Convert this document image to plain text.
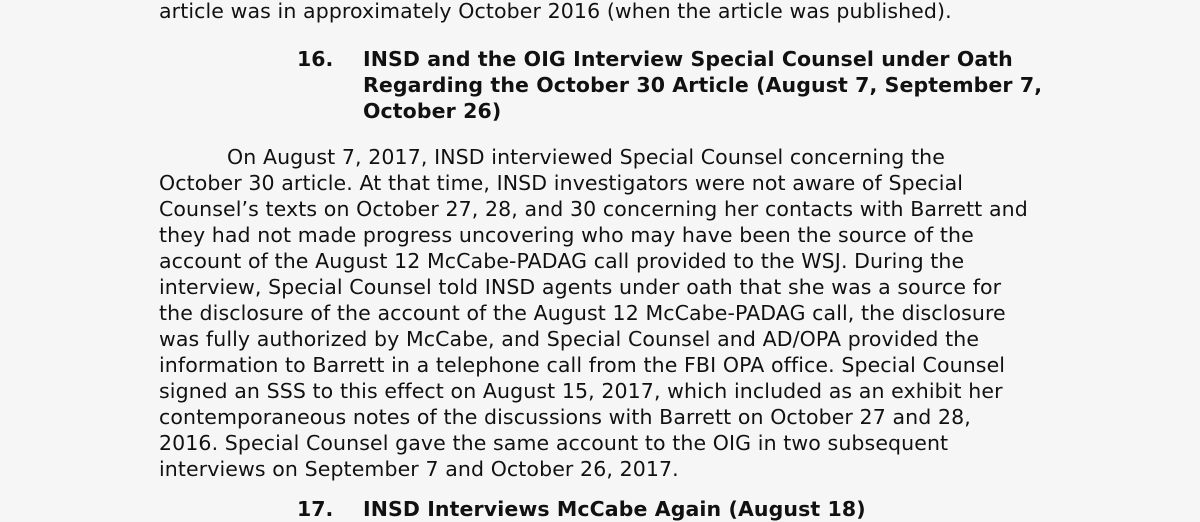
article was in approximately October 2016 (when the article was published).
16. INSD and the OIG Interview Special Counsel under Oath
Regarding the October 30 Article (August 7, September 7,
October 26)
On August 7, 2017, INSD interviewed Special Counsel concerning the
October 30 article. At that time, INSD investigators were not aware of Special
Counsel’s texts on October 27, 28, and 30 concerning her contacts with Barrett and
they had not made progress uncovering who may have been the source of the
account of the August 12 McCabe-PADAG call provided to the WSJ. During the
interview, Special Counsel told INSD agents under oath that she was a source for
the disclosure of the account of the August 12 McCabe-PADAG call, the disclosure
was fully authorized by McCabe, and Special Counsel and AD/OPA provided the
information to Barrett in a telephone call from the FBI OPA office. Special Counsel
signed an SSS to this effect on August 15, 2017, which included as an exhibit her
contemporaneous notes of the discussions with Barrett on October 27 and 28,
2016. Special Counsel gave the same account to the OIG in two subsequent
interviews on September 7 and October 26, 2017.
17. INSD Interviews McCabe Again (August 18)
